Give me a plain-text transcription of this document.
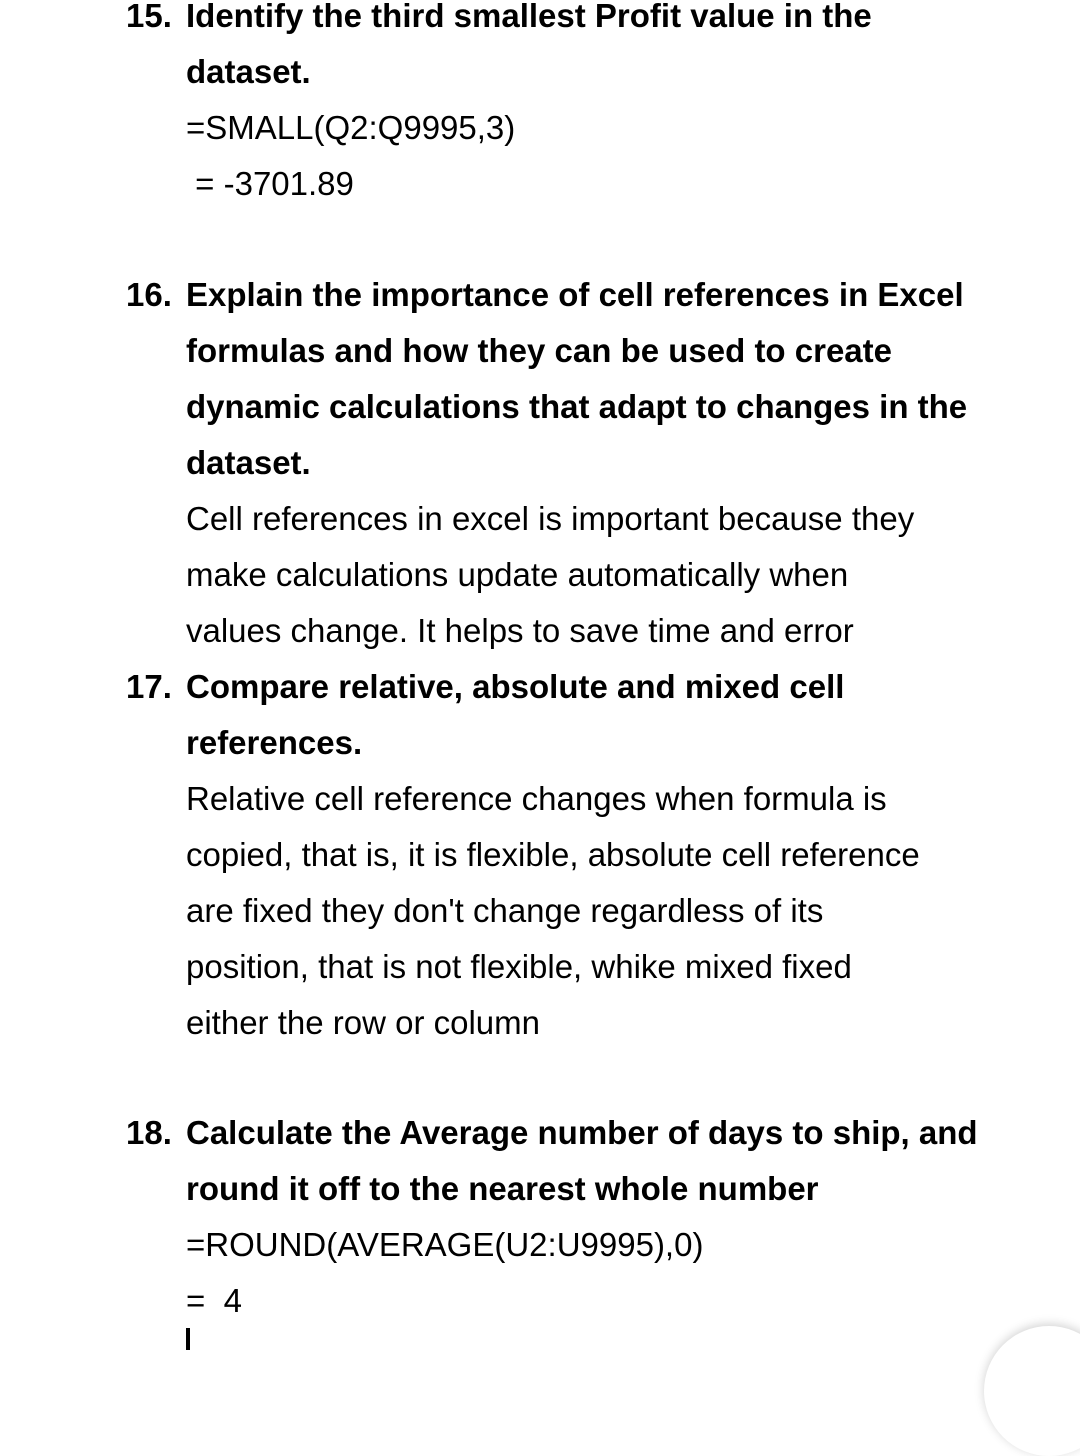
15. Identify the third smallest Profit value in the
dataset.
=SMALL(Q2:Q9995,3)
= -3701.89
16. Explain the importance of cell references in Excel
formulas and how they can be used to create
dynamic calculations that adapt to changes in the
dataset.
Cell references in excel is important because they
make calculations update automatically when
values change. It helps to save time and error
17. Compare relative, absolute and mixed cell
references.
Relative cell reference changes when formula is
copied, that is, it is flexible, absolute cell reference
are fixed they don't change regardless of its
position, that is not flexible, whike mixed fixed
either the row or column
18. Calculate the Average number of days to ship, and
round it off to the nearest whole number
=ROUND(AVERAGE(U2:U9995),0)
=  4
